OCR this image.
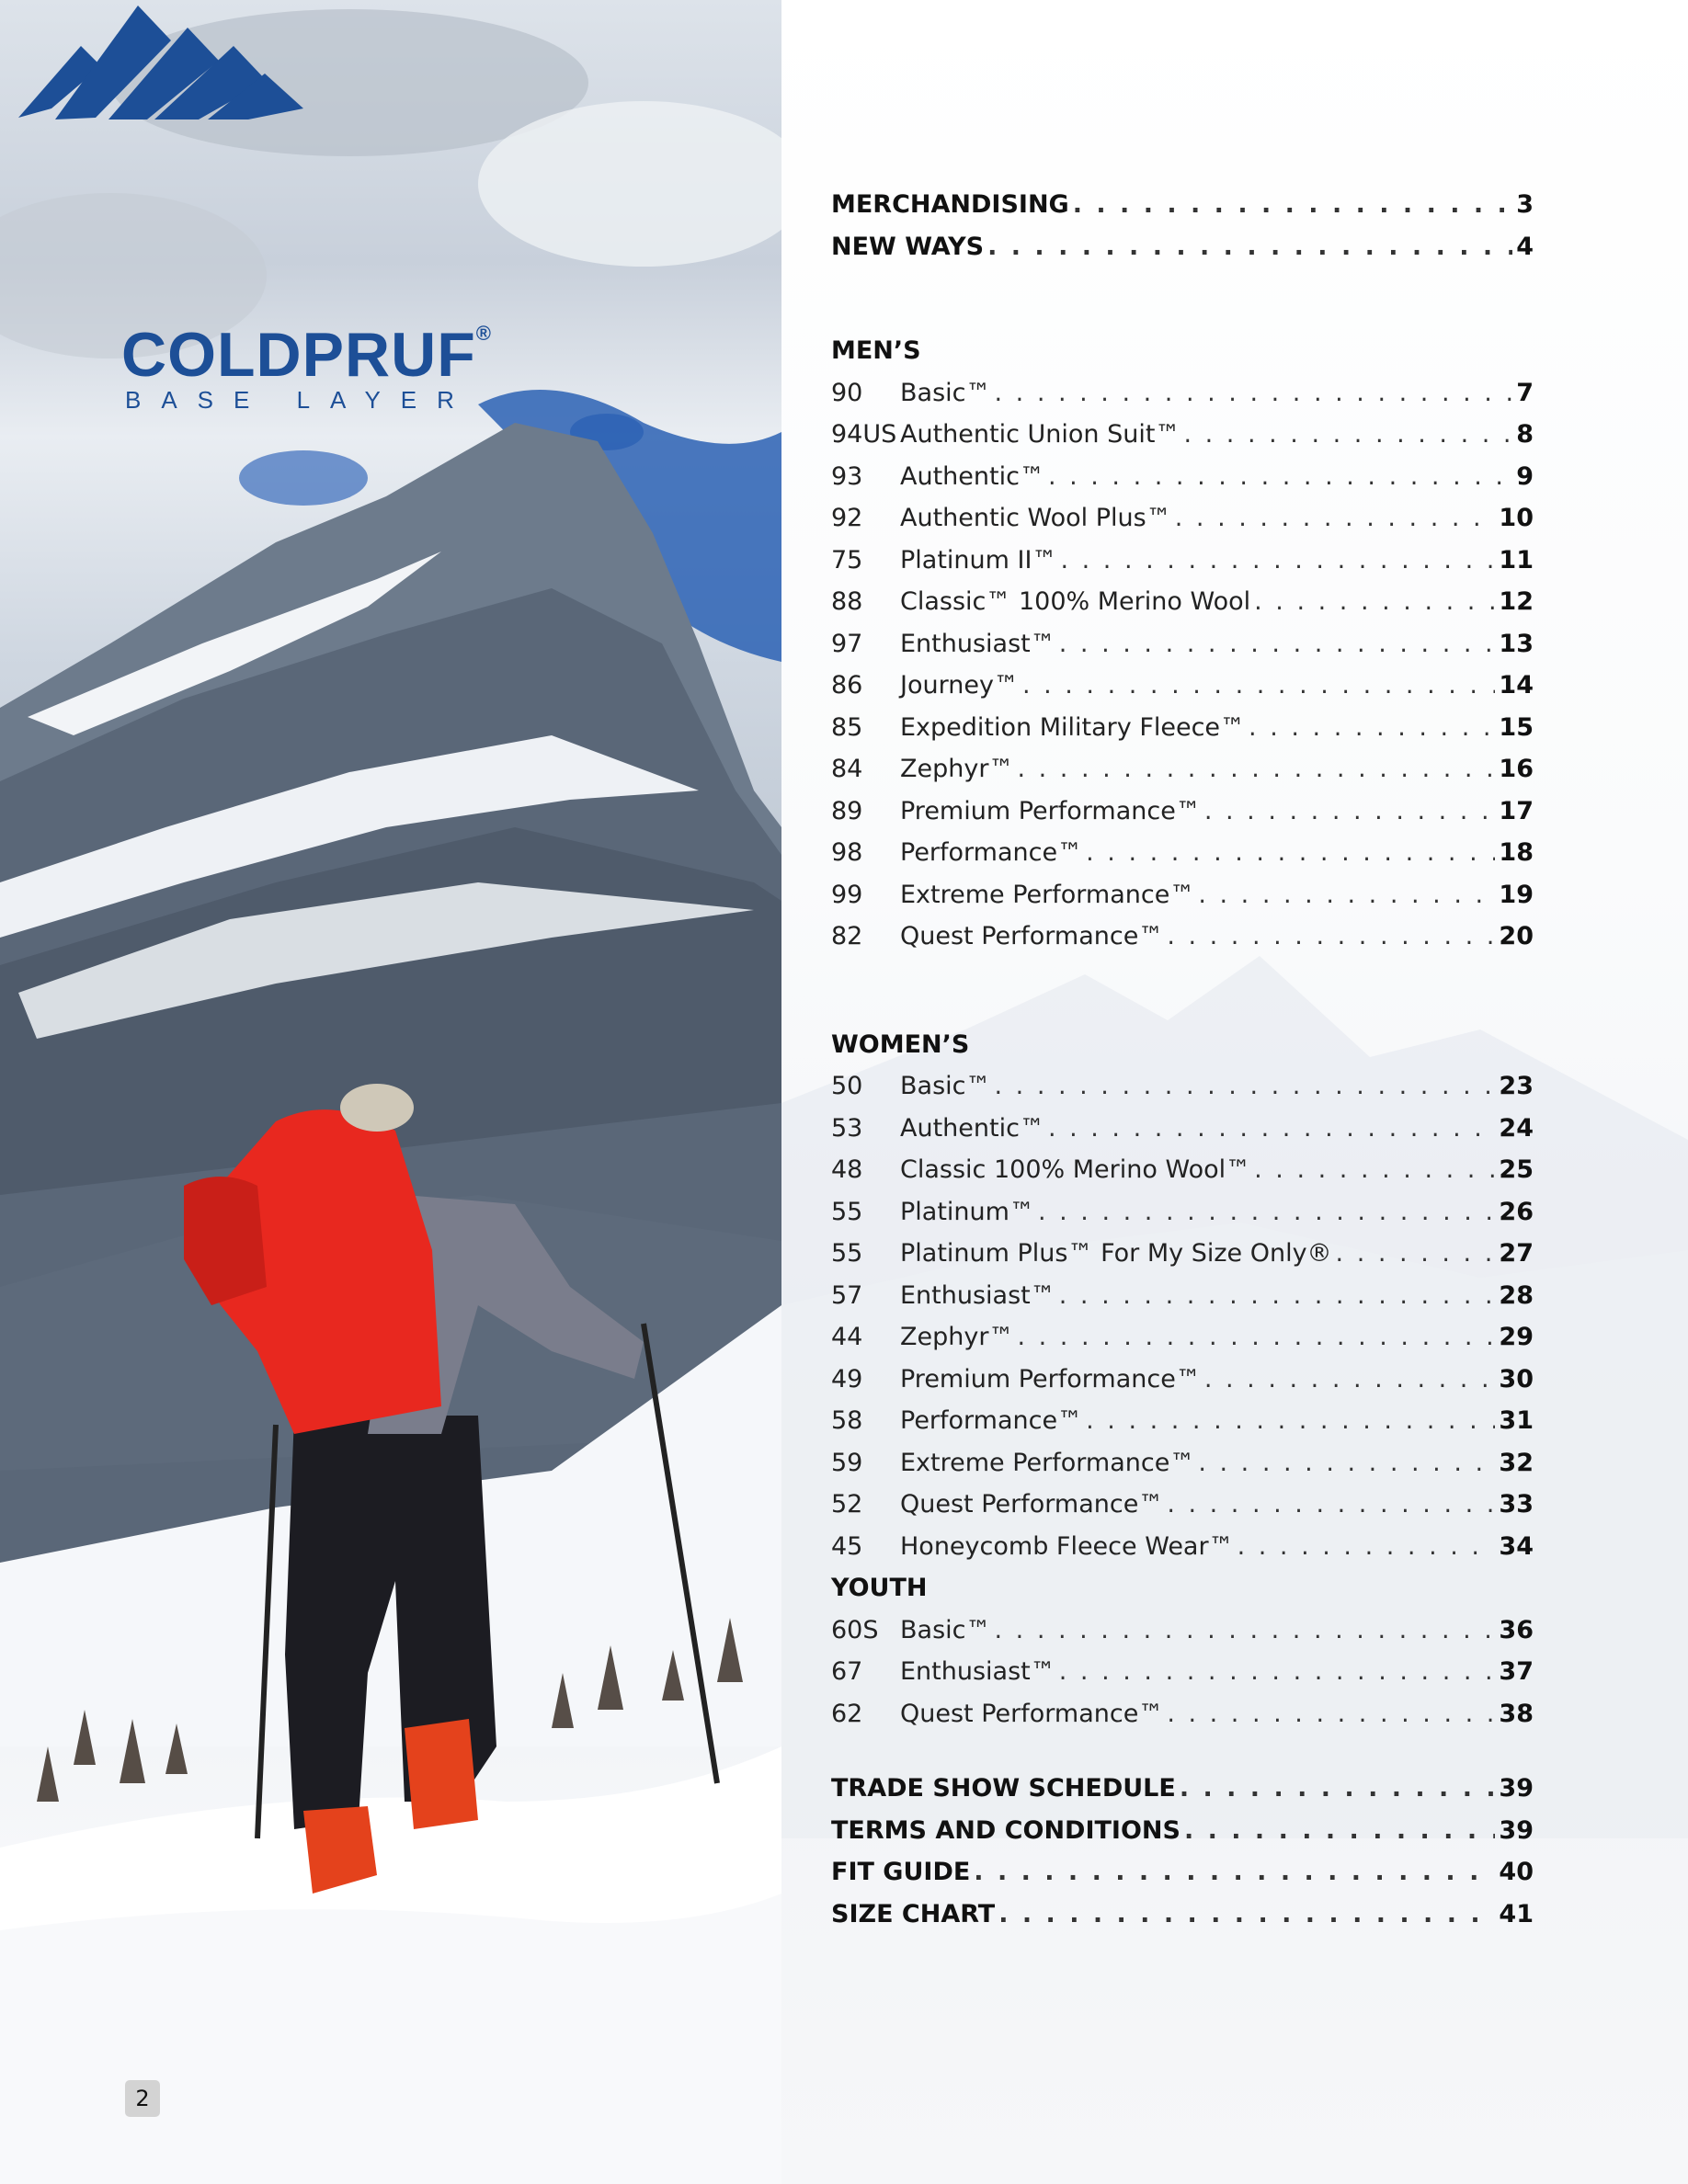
COLDPRUF®
BASE LAYER
2
MERCHANDISING . . .	3
NEW WAYS . . .	4
MEN’S
90	Basic™ . . .	7
94US Authentic Union Suit™ . . .	8
93	Authentic™ . . .	9
92	Authentic Wool Plus™ . . .	10
75	Platinum II™ . . .	11
88	Classic™ 100% Merino Wool . . .	12
97	Enthusiast™ . . .	13
86	Journey™ . . .	14
85	Expedition Military Fleece™ . . .	15
84	Zephyr™ . . .	16
89	Premium Performance™ . . .	17
98	Performance™ . . .	18
99	Extreme Performance™ . . .	19
82	Quest Performance™ . . .	20
WOMEN’S
50	Basic™ . . .	23
53	Authentic™ . . .	24
48	Classic 100% Merino Wool™ . . .	25
55	Platinum™ . . .	26
55	Platinum Plus™ For My Size Only® . . .	27
57	Enthusiast™ . . .	28
44	Zephyr™ . . .	29
49	Premium Performance™ . . .	30
58	Performance™ . . .	31
59	Extreme Performance™ . . .	32
52	Quest Performance™ . . .	33
45	Honeycomb Fleece Wear™ . . .	34
YOUTH
60S Basic™ . . .	36
67	Enthusiast™ . . .	37
62	Quest Performance™ . . .	38
TRADE SHOW SCHEDULE . . .	39
TERMS AND CONDITIONS . . .	39
FIT GUIDE . . .	40
SIZE CHART . . .	41
